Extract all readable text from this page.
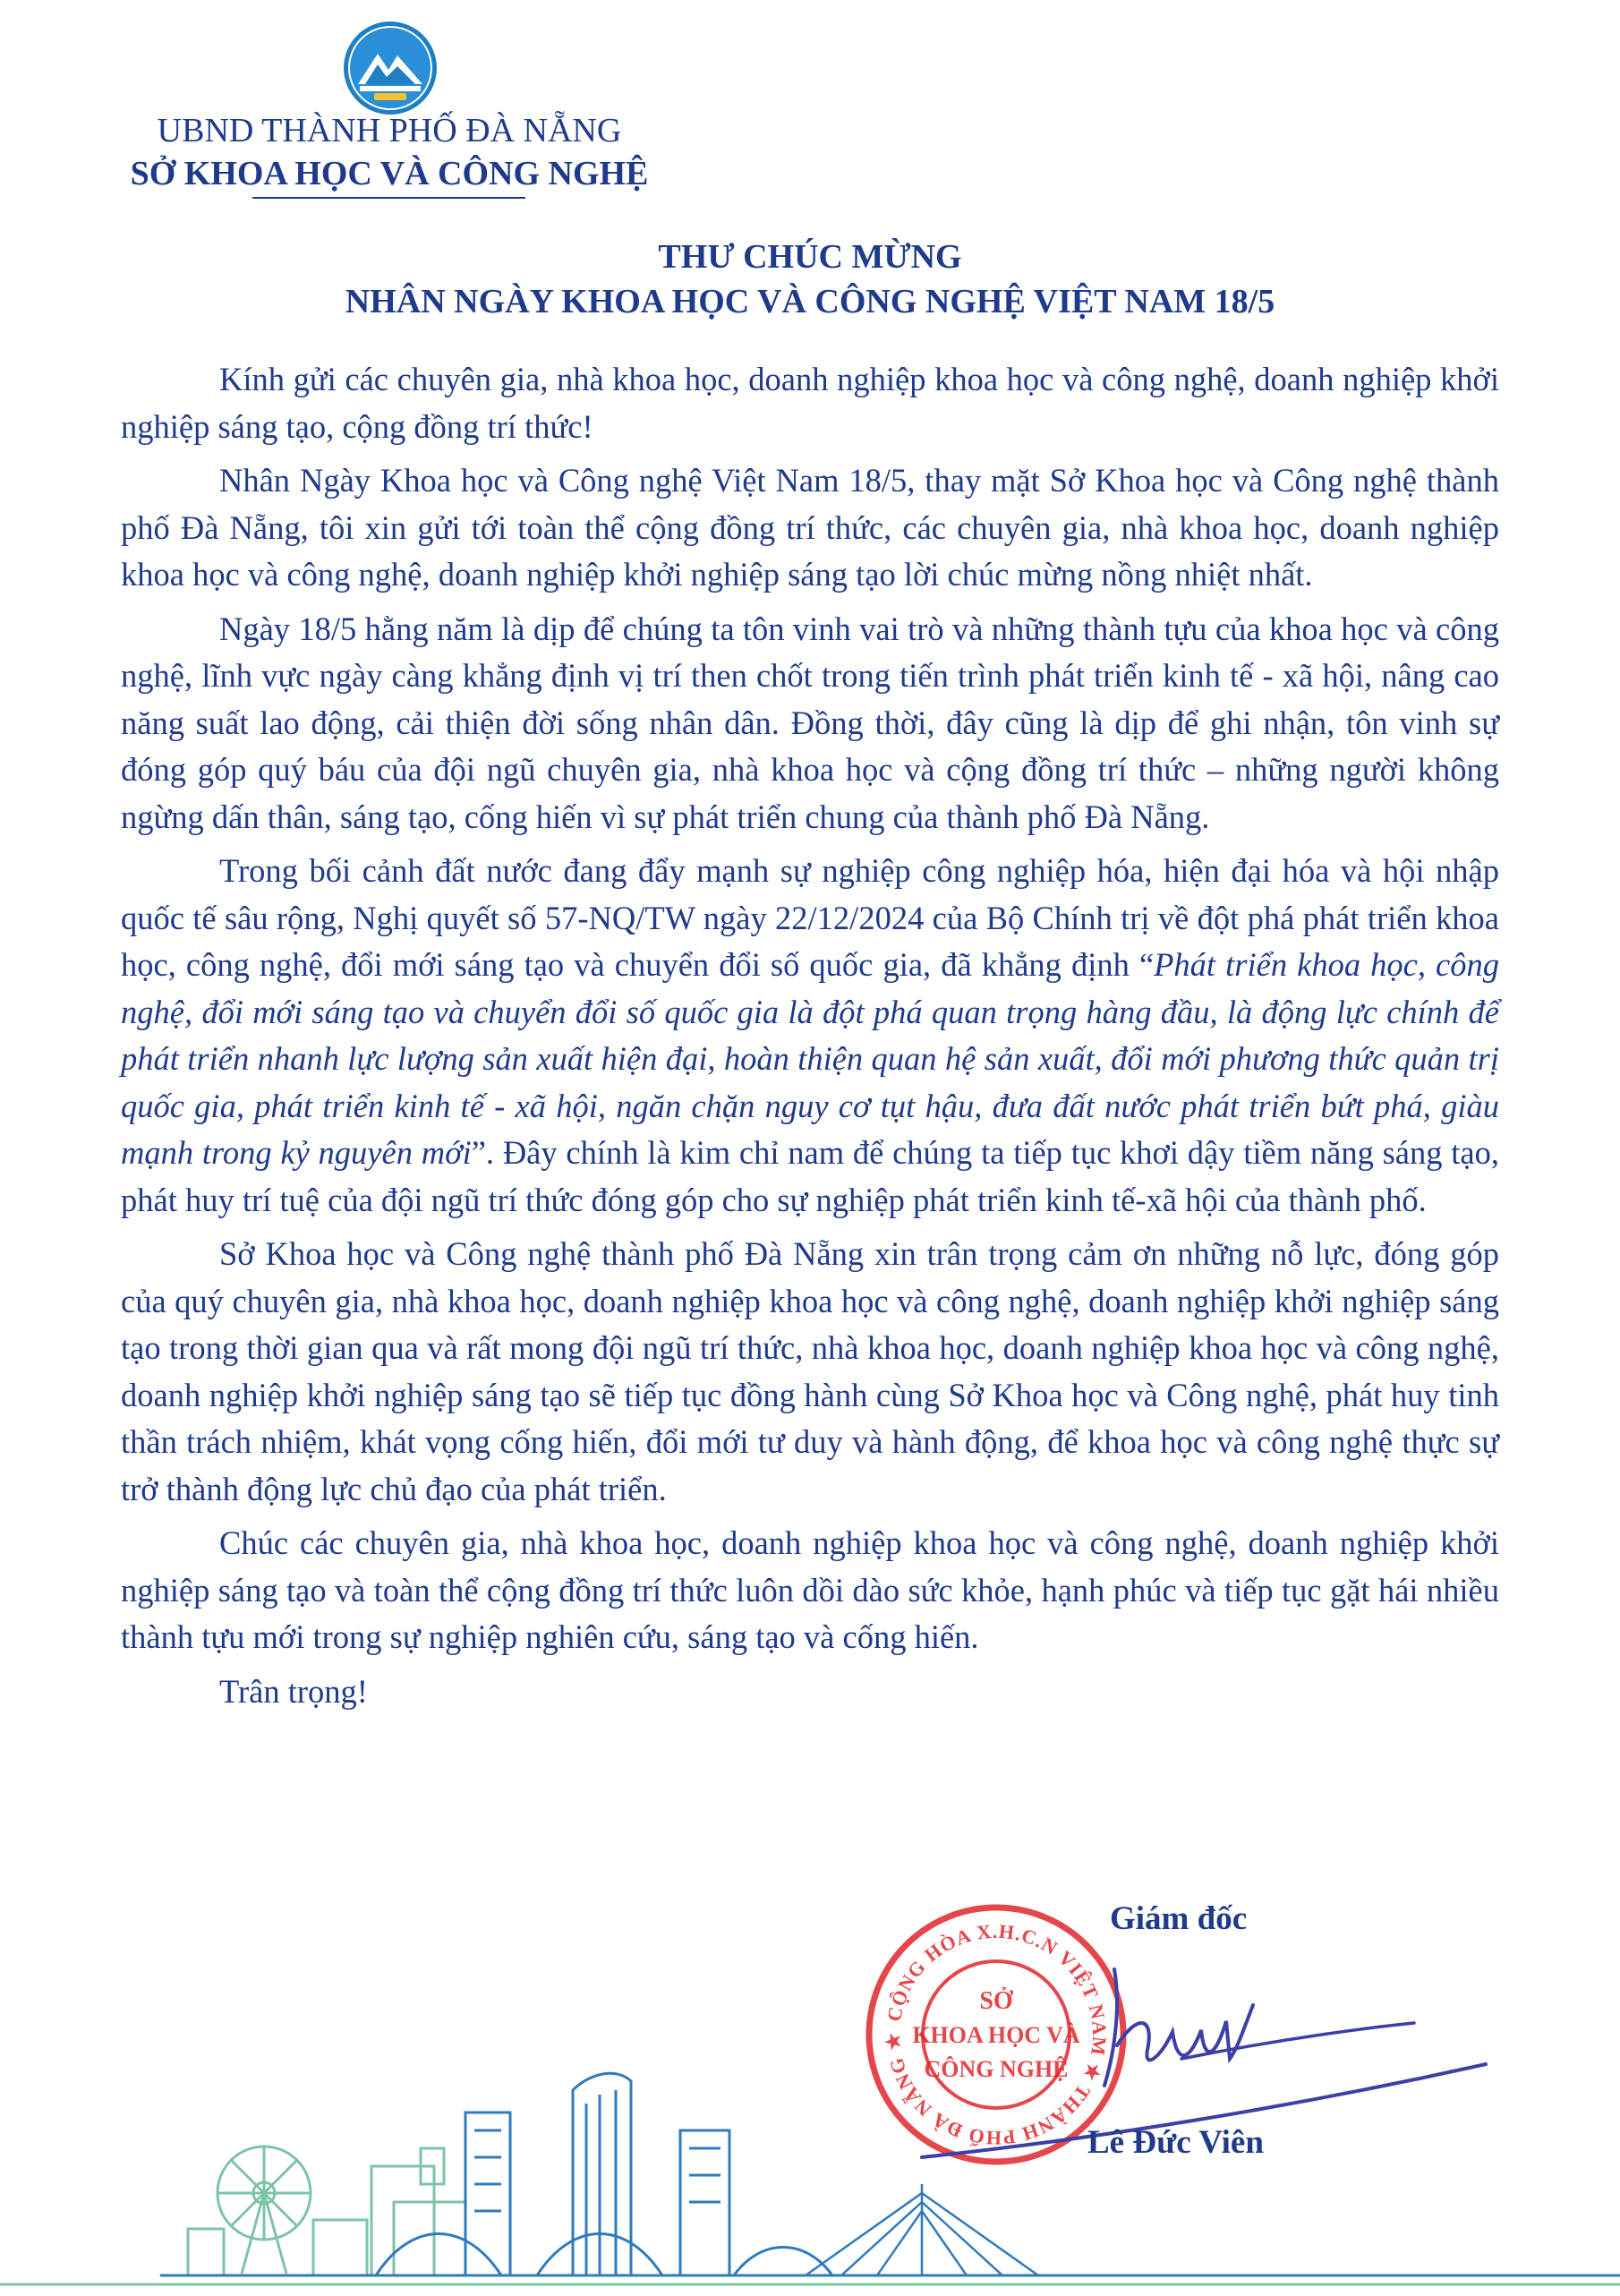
UBND THÀNH PHỐ ĐÀ NẴNG
SỞ KHOA HỌC VÀ CÔNG NGHỆ
THƯ CHÚC MỪNG
NHÂN NGÀY KHOA HỌC VÀ CÔNG NGHỆ VIỆT NAM 18/5

Kính gửi các chuyên gia, nhà khoa học, doanh nghiệp khoa học và công nghệ, doanh nghiệp khởi nghiệp sáng tạo, cộng đồng trí thức!

Nhân Ngày Khoa học và Công nghệ Việt Nam 18/5, thay mặt Sở Khoa học và Công nghệ thành phố Đà Nẵng, tôi xin gửi tới toàn thể cộng đồng trí thức, các chuyên gia, nhà khoa học, doanh nghiệp khoa học và công nghệ, doanh nghiệp khởi nghiệp sáng tạo lời chúc mừng nồng nhiệt nhất.

Ngày 18/5 hằng năm là dịp để chúng ta tôn vinh vai trò và những thành tựu của khoa học và công nghệ, lĩnh vực ngày càng khẳng định vị trí then chốt trong tiến trình phát triển kinh tế - xã hội, nâng cao năng suất lao động, cải thiện đời sống nhân dân. Đồng thời, đây cũng là dịp để ghi nhận, tôn vinh sự đóng góp quý báu của đội ngũ chuyên gia, nhà khoa học và cộng đồng trí thức – những người không ngừng dấn thân, sáng tạo, cống hiến vì sự phát triển chung của thành phố Đà Nẵng.

Trong bối cảnh đất nước đang đẩy mạnh sự nghiệp công nghiệp hóa, hiện đại hóa và hội nhập quốc tế sâu rộng, Nghị quyết số 57-NQ/TW ngày 22/12/2024 của Bộ Chính trị về đột phá phát triển khoa học, công nghệ, đổi mới sáng tạo và chuyển đổi số quốc gia, đã khẳng định “Phát triển khoa học, công nghệ, đổi mới sáng tạo và chuyển đổi số quốc gia là đột phá quan trọng hàng đầu, là động lực chính để phát triển nhanh lực lượng sản xuất hiện đại, hoàn thiện quan hệ sản xuất, đổi mới phương thức quản trị quốc gia, phát triển kinh tế - xã hội, ngăn chặn nguy cơ tụt hậu, đưa đất nước phát triển bứt phá, giàu mạnh trong kỷ nguyên mới”. Đây chính là kim chỉ nam để chúng ta tiếp tục khơi dậy tiềm năng sáng tạo, phát huy trí tuệ của đội ngũ trí thức đóng góp cho sự nghiệp phát triển kinh tế-xã hội của thành phố.

Sở Khoa học và Công nghệ thành phố Đà Nẵng xin trân trọng cảm ơn những nỗ lực, đóng góp của quý chuyên gia, nhà khoa học, doanh nghiệp khoa học và công nghệ, doanh nghiệp khởi nghiệp sáng tạo trong thời gian qua và rất mong đội ngũ trí thức, nhà khoa học, doanh nghiệp khoa học và công nghệ, doanh nghiệp khởi nghiệp sáng tạo sẽ tiếp tục đồng hành cùng Sở Khoa học và Công nghệ, phát huy tinh thần trách nhiệm, khát vọng cống hiến, đổi mới tư duy và hành động, để khoa học và công nghệ thực sự trở thành động lực chủ đạo của phát triển.

Chúc các chuyên gia, nhà khoa học, doanh nghiệp khoa học và công nghệ, doanh nghiệp khởi nghiệp sáng tạo và toàn thể cộng đồng trí thức luôn dồi dào sức khỏe, hạnh phúc và tiếp tục gặt hái nhiều thành tựu mới trong sự nghiệp nghiên cứu, sáng tạo và cống hiến.

Trân trọng!

CỘNG HÒA X.H.C.N VIỆT NAM ★ THÀNH PHỐ ĐÀ NẴNG ★
SỞ
KHOA HỌC VÀ
CÔNG NGHỆ
Giám đốc
Lê Đức Viên
